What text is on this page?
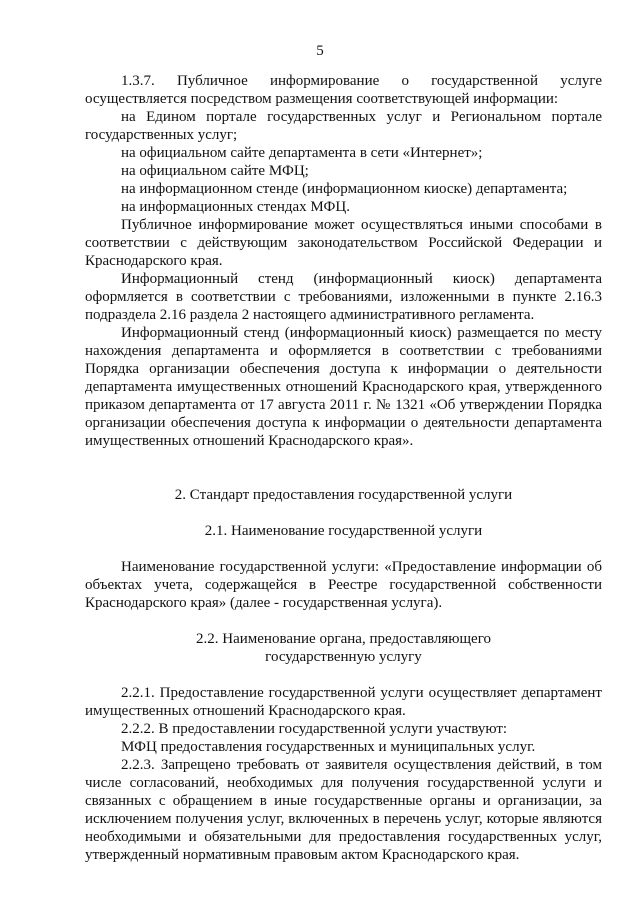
5

1.3.7. Публичное информирование о государственной услуге осуществляется посредством размещения соответствующей информации:

на Едином портале государственных услуг и Региональном портале государственных услуг;

на официальном сайте департамента в сети «Интернет»;

на официальном сайте МФЦ;

на информационном стенде (информационном киоске) департамента;

на информационных стендах МФЦ.

Публичное информирование может осуществляться иными способами в соответствии с действующим законодательством Российской Федерации и Краснодарского края.

Информационный стенд (информационный киоск) департамента оформляется в соответствии с требованиями, изложенными в пункте 2.16.3 подраздела 2.16 раздела 2 настоящего административного регламента.

Информационный стенд (информационный киоск) размещается по месту нахождения департамента и оформляется в соответствии с требованиями Порядка организации обеспечения доступа к информации о деятельности департамента имущественных отношений Краснодарского края, утвержденного приказом департамента от 17 августа 2011 г. № 1321 «Об утверждении Порядка организации обеспечения доступа к информации о деятельности департамента имущественных отношений Краснодарского края».

2. Стандарт предоставления государственной услуги

2.1. Наименование государственной услуги

Наименование государственной услуги: «Предоставление информации об объектах учета, содержащейся в Реестре государственной собственности Краснодарского края» (далее - государственная услуга).

2.2. Наименование органа, предоставляющего

государственную услугу

2.2.1. Предоставление государственной услуги осуществляет департамент имущественных отношений Краснодарского края.

2.2.2. В предоставлении государственной услуги участвуют:

МФЦ предоставления государственных и муниципальных услуг.

2.2.3. Запрещено требовать от заявителя осуществления действий, в том числе согласований, необходимых для получения государственной услуги и связанных с обращением в иные государственные органы и организации, за исключением получения услуг, включенных в перечень услуг, которые являются необходимыми и обязательными для предоставления государственных услуг, утвержденный нормативным правовым актом Краснодарского края.
